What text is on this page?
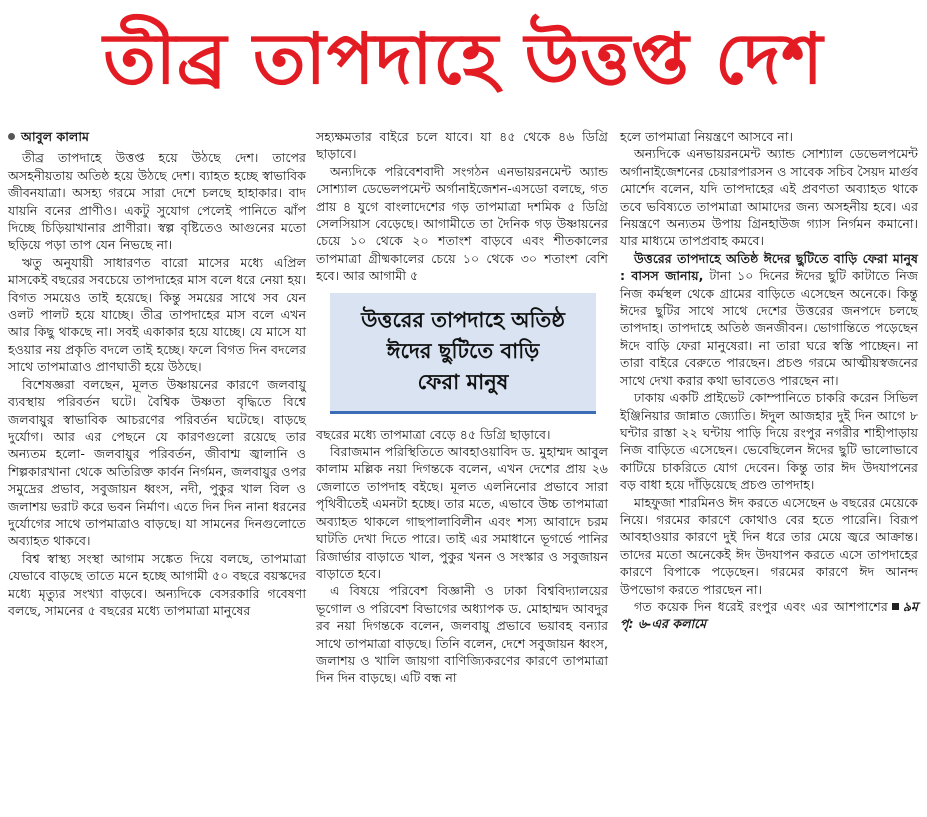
তীব্র তাপদাহে উত্তপ্ত দেশ
আবুল কালাম

তীব্র তাপদাহে উত্তপ্ত হয়ে উঠছে দেশ। তাপের অসহনীয়তায় অতিষ্ঠ হয়ে উঠছে দেশ। ব্যাহত হচ্ছে স্বাভাবিক জীবনযাত্রা। অসহ্য গরমে সারা দেশে চলছে হাহাকার। বাদ যায়নি বনের প্রাণীও। একটু সুযোগ পেলেই পানিতে ঝাঁপ দিচ্ছে চিড়িয়াখানার প্রাণীরা। স্বল্প বৃষ্টিতেও আগুনের মতো ছড়িয়ে পড়া তাপ যেন নিভছে না।

ঋতু অনুযায়ী সাধারণত বারো মাসের মধ্যে এপ্রিল মাসকেই বছরের সবচেয়ে তাপদাহের মাস বলে ধরে নেয়া হয়। বিগত সময়েও তাই হয়েছে। কিন্তু সময়ের সাথে সব যেন ওলট পালট হয়ে যাচ্ছে। তীব্র তাপদাহের মাস বলে এখন আর কিছু থাকছে না। সবই একাকার হয়ে যাচ্ছে। যে মাসে যা হওয়ার নয় প্রকৃতি বদলে তাই হচ্ছে। ফলে বিগত দিন বদলের সাথে তাপমাত্রাও প্রাণঘাতী হয়ে উঠছে।

বিশেষজ্ঞরা বলছেন, মূলত উষ্ণায়নের কারণে জলবায়ু ব্যবস্থায় পরিবর্তন ঘটে। বৈশ্বিক উষ্ণতা বৃদ্ধিতে বিশ্বে জলবায়ুর স্বাভাবিক আচরণের পরিবর্তন ঘটেছে। বাড়ছে দুর্যোগ। আর এর পেছনে যে কারণগুলো রয়েছে তার অন্যতম হলো- জলবায়ুর পরিবর্তন, জীবাশ্ম জ্বালানি ও শিল্পকারখানা থেকে অতিরিক্ত কার্বন নির্গমন, জলবায়ুর ওপর সমুদ্রের প্রভাব, সবুজায়ন ধ্বংস, নদী, পুকুর খাল বিল ও জলাশয় ভরাট করে ভবন নির্মাণ। এতে দিন দিন নানা ধরনের দুর্যোগের সাথে তাপমাত্রাও বাড়ছে। যা সামনের দিনগুলোতে অব্যাহত থাকবে।

বিশ্ব স্বাস্থ্য সংস্থা আগাম সঙ্কেত দিয়ে বলছে, তাপমাত্রা যেভাবে বাড়ছে তাতে মনে হচ্ছে আগামী ৫০ বছরে বয়স্কদের মধ্যে মৃত্যুর সংখ্যা বাড়বে। অন্যদিকে বেসরকারি গবেষণা বলছে, সামনের ৫ বছরের মধ্যে তাপমাত্রা মানুষের

সহ্যক্ষমতার বাইরে চলে যাবে। যা ৪৫ থেকে ৪৬ ডিগ্রি ছাড়াবে।

অন্যদিকে পরিবেশবাদী সংগঠন এনভায়রনমেন্ট অ্যান্ড সোশ্যাল ডেভেলপমেন্ট অর্গানাইজেশন-এসডো বলছে, গত প্রায় ৪ যুগে বাংলাদেশের গড় তাপমাত্রা দশমিক ৫ ডিগ্রি সেলসিয়াস বেড়েছে। আগামীতে তা দৈনিক গড় উষ্ণায়নের চেয়ে ১০ থেকে ২০ শতাংশ বাড়বে এবং শীতকালের তাপমাত্রা গ্রীষ্মকালের চেয়ে ১০ থেকে ৩০ শতাংশ বেশি হবে। আর আগামী ৫

উত্তরের তাপদাহে অতিষ্ঠ
ঈদের ছুটিতে বাড়ি
ফেরা মানুষ

বছরের মধ্যে তাপমাত্রা বেড়ে ৪৫ ডিগ্রি ছাড়াবে।

বিরাজমান পরিস্থিতিতে আবহাওয়াবিদ ড. মুহাম্মদ আবুল কালাম মল্লিক নয়া দিগন্তকে বলেন, এখন দেশের প্রায় ২৬ জেলাতে তাপদাহ বইছে। মূলত এলনিনোর প্রভাবে সারা পৃথিবীতেই এমনটা হচ্ছে। তার মতে, এভাবে উচ্চ তাপমাত্রা অব্যাহত থাকলে গাছপালাবিলীন এবং শস্য আবাদে চরম ঘাটতি দেখা দিতে পারে। তাই এর সমাধানে ভূগর্ভে পানির রিজার্ভার বাড়াতে খাল, পুকুর খনন ও সংস্কার ও সবুজায়ন বাড়াতে হবে।

এ বিষয়ে পরিবেশ বিজ্ঞানী ও ঢাকা বিশ্ববিদ্যালয়ের ভূগোল ও পরিবেশ বিভাগের অধ্যাপক ড. মোহাম্মদ আবদুর রব নয়া দিগন্তকে বলেন, জলবায়ু প্রভাবে ভয়াবহ বন্যার সাথে তাপমাত্রা বাড়ছে। তিনি বলেন, দেশে সবুজায়ন ধ্বংস, জলাশয় ও খালি জায়গা বাণিজ্যিকরণের কারণে তাপমাত্রা দিন দিন বাড়ছে। এটি বন্ধ না

হলে তাপমাত্রা নিয়ন্ত্রণে আসবে না।

অন্যদিকে এনভায়রনমেন্ট অ্যান্ড সোশ্যাল ডেভেলপমেন্ট অর্গানাইজেশনের চেয়ারপারসন ও সাবেক সচিব সৈয়দ মার্গুব মোর্শেদ বলেন, যদি তাপদাহের এই প্রবণতা অব্যাহত থাকে তবে ভবিষ্যতে তাপমাত্রা আমাদের জন্য অসহনীয় হবে। এর নিয়ন্ত্রণে অন্যতম উপায় গ্রিনহাউজ গ্যাস নির্গমন কমানো। যার মাধ্যমে তাপপ্রবাহ কমবে।

উত্তরের তাপদাহে অতিষ্ঠ ঈদের ছুটিতে বাড়ি ফেরা মানুষ : বাসস জানায়, টানা ১০ দিনের ঈদের ছুটি কাটাতে নিজ নিজ কর্মস্থল থেকে গ্রামের বাড়িতে এসেছেন অনেকে। কিন্তু ঈদের ছুটির সাথে সাথে দেশের উত্তরের জনপদে চলছে তাপদাহ। তাপদাহে অতিষ্ঠ জনজীবন। ভোগান্তিতে পড়েছেন ঈদে বাড়ি ফেরা মানুষেরা। না তারা ঘরে স্বস্তি পাচ্ছেন। না তারা বাইরে বেরুতে পারছেন। প্রচণ্ড গরমে আত্মীয়স্বজনের সাথে দেখা করার কথা ভাবতেও পারছেন না।

ঢাকায় একটি প্রাইভেট কোম্পানিতে চাকরি করেন সিভিল ইঞ্জিনিয়ার জান্নাত জ্যোতি। ঈদুল আজহার দুই দিন আগে ৮ ঘন্টার রাস্তা ২২ ঘন্টায় পাড়ি দিয়ে রংপুর নগরীর শাহীপাড়ায় নিজ বাড়িতে এসেছেন। ভেবেছিলেন ঈদের ছুটি ভালোভাবে কাটিয়ে চাকরিতে যোগ দেবেন। কিন্তু তার ঈদ উদযাপনের বড় বাধা হয়ে দাঁড়িয়েছে প্রচণ্ড তাপদাহ।

মাহফুজা শারমিনও ঈদ করতে এসেছেন ৬ বছরের মেয়েকে নিয়ে। গরমের কারণে কোথাও বের হতে পারেনি। বিরূপ আবহাওয়ার কারণে দুই দিন ধরে তার মেয়ে জ্বরে আক্রান্ত। তাদের মতো অনেকেই ঈদ উদযাপন করতে এসে তাপদাহের কারণে বিপাকে পড়েছেন। গরমের কারণে ঈদ আনন্দ উপভোগ করতে পারছেন না।

গত কয়েক দিন ধরেই রংপুর এবং এর আশপাশের ৯ম পৃ: ৬-এর কলামে
